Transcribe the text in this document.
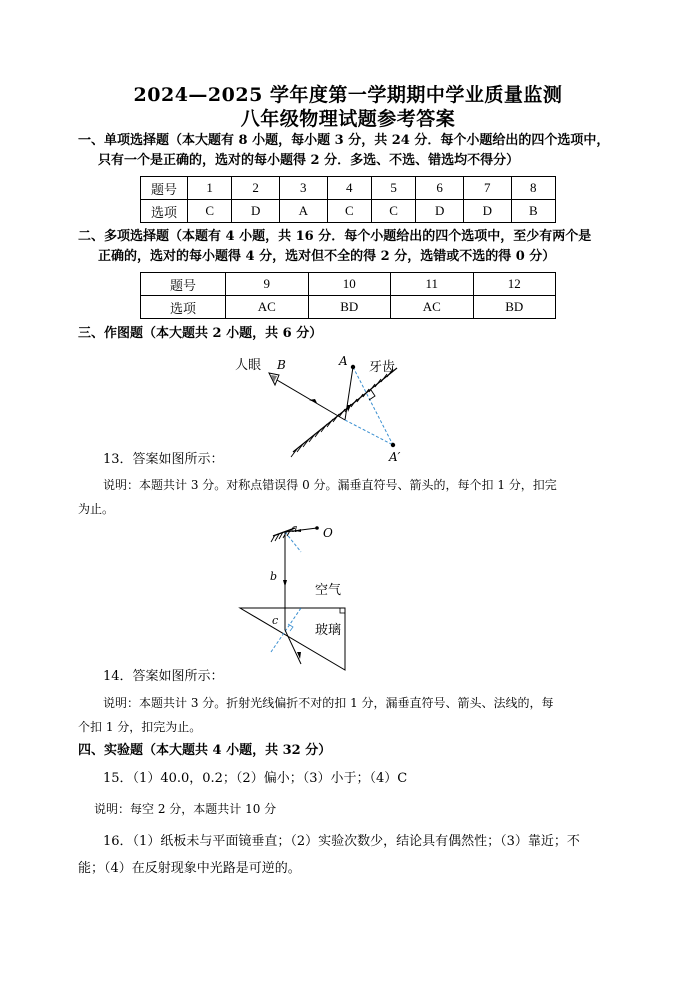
2024—2025 学年度第一学期期中学业质量监测
八年级物理试题参考答案
一、单项选择题（本大题有 8 小题，每小题 3 分，共 24 分．每个小题给出的四个选项中，
只有一个是正确的，选对的每小题得 2 分．多选、不选、错选均不得分）
题号	1	2	3	4	5	6	7	8
选项	C	D	A	C	C	D	D	B
二、多项选择题（本题有 4 小题，共 16 分．每个小题给出的四个选项中，至少有两个是
正确的，选对的每小题得 4 分，选对但不全的得 2 分，选错或不选的得 0 分）
题号	9	10	11	12
选项	AC	BD	AC	BD
三、作图题（本大题共 2 小题，共 6 分）
人眼 B	A 牙齿
A′
13．答案如图所示：
说明：本题共计 3 分。对称点错误得 0 分。漏垂直符号、箭头的，每个扣 1 分，扣完
为止。
a O
b
空气
c
玻璃
14．答案如图所示：
说明：本题共计 3 分。折射光线偏折不对的扣 1 分，漏垂直符号、箭头、法线的，每
个扣 1 分，扣完为止。
四、实验题（本大题共 4 小题，共 32 分）
15．（1）40.0，0.2；（2）偏小；（3）小于；（4）C
说明：每空 2 分，本题共计 10 分
16．（1）纸板未与平面镜垂直；（2）实验次数少，结论具有偶然性；（3）靠近；不
能；（4）在反射现象中光路是可逆的。
